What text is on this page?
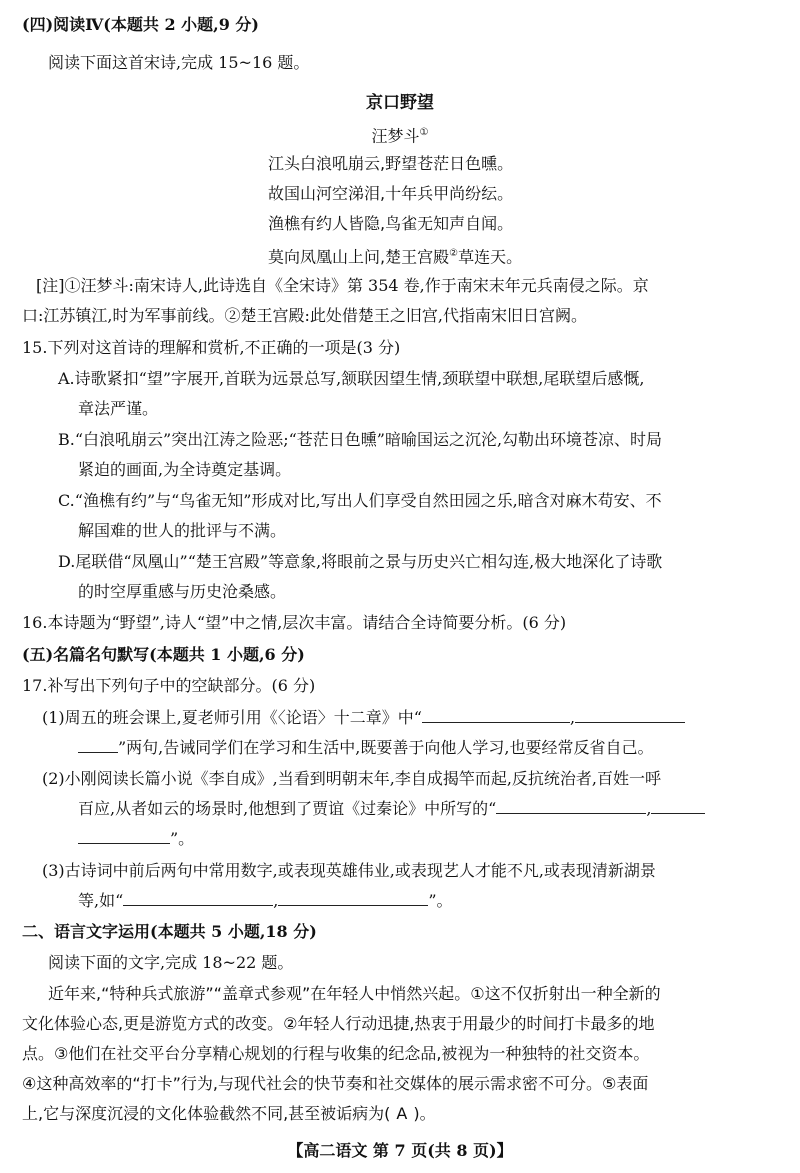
(四)阅读Ⅳ(本题共 2 小题,9 分)
阅读下面这首宋诗,完成 15~16 题。
京口野望
汪梦斗①
江头白浪吼崩云,野望苍茫日色曛。
故国山河空涕泪,十年兵甲尚纷纭。
渔樵有约人皆隐,鸟雀无知声自闻。
莫向凤凰山上问,楚王宫殿②草连天。
[注]①汪梦斗:南宋诗人,此诗选自《全宋诗》第 354 卷,作于南宋末年元兵南侵之际。京
口:江苏镇江,时为军事前线。②楚王宫殿:此处借楚王之旧宫,代指南宋旧日宫阙。
15.下列对这首诗的理解和赏析,不正确的一项是(3 分)
A.诗歌紧扣“望”字展开,首联为远景总写,颔联因望生情,颈联望中联想,尾联望后感慨,
章法严谨。
B.“白浪吼崩云”突出江涛之险恶;“苍茫日色曛”暗喻国运之沉沦,勾勒出环境苍凉、时局
紧迫的画面,为全诗奠定基调。
C.“渔樵有约”与“鸟雀无知”形成对比,写出人们享受自然田园之乐,暗含对麻木苟安、不
解国难的世人的批评与不满。
D.尾联借“凤凰山”“楚王宫殿”等意象,将眼前之景与历史兴亡相勾连,极大地深化了诗歌
的时空厚重感与历史沧桑感。
16.本诗题为“野望”,诗人“望”中之情,层次丰富。请结合全诗简要分析。(6 分)
(五)名篇名句默写(本题共 1 小题,6 分)
17.补写出下列句子中的空缺部分。(6 分)
(1)周五的班会课上,夏老师引用《〈论语〉十二章》中“	,
”两句,告诫同学们在学习和生活中,既要善于向他人学习,也要经常反省自己。
(2)小刚阅读长篇小说《李自成》,当看到明朝末年,李自成揭竿而起,反抗统治者,百姓一呼
百应,从者如云的场景时,他想到了贾谊《过秦论》中所写的“	,
”。
(3)古诗词中前后两句中常用数字,或表现英雄伟业,或表现艺人才能不凡,或表现清新湖景
等,如“	,	”。
二、语言文字运用(本题共 5 小题,18 分)
阅读下面的文字,完成 18~22 题。
近年来,“特种兵式旅游”“盖章式参观”在年轻人中悄然兴起。①这不仅折射出一种全新的
文化体验心态,更是游览方式的改变。②年轻人行动迅捷,热衷于用最少的时间打卡最多的地
点。③他们在社交平台分享精心规划的行程与收集的纪念品,被视为一种独特的社交资本。
④这种高效率的“打卡”行为,与现代社会的快节奏和社交媒体的展示需求密不可分。⑤表面
上,它与深度沉浸的文化体验截然不同,甚至被诟病为( A )。
【高二语文 第 7 页(共 8 页)】
